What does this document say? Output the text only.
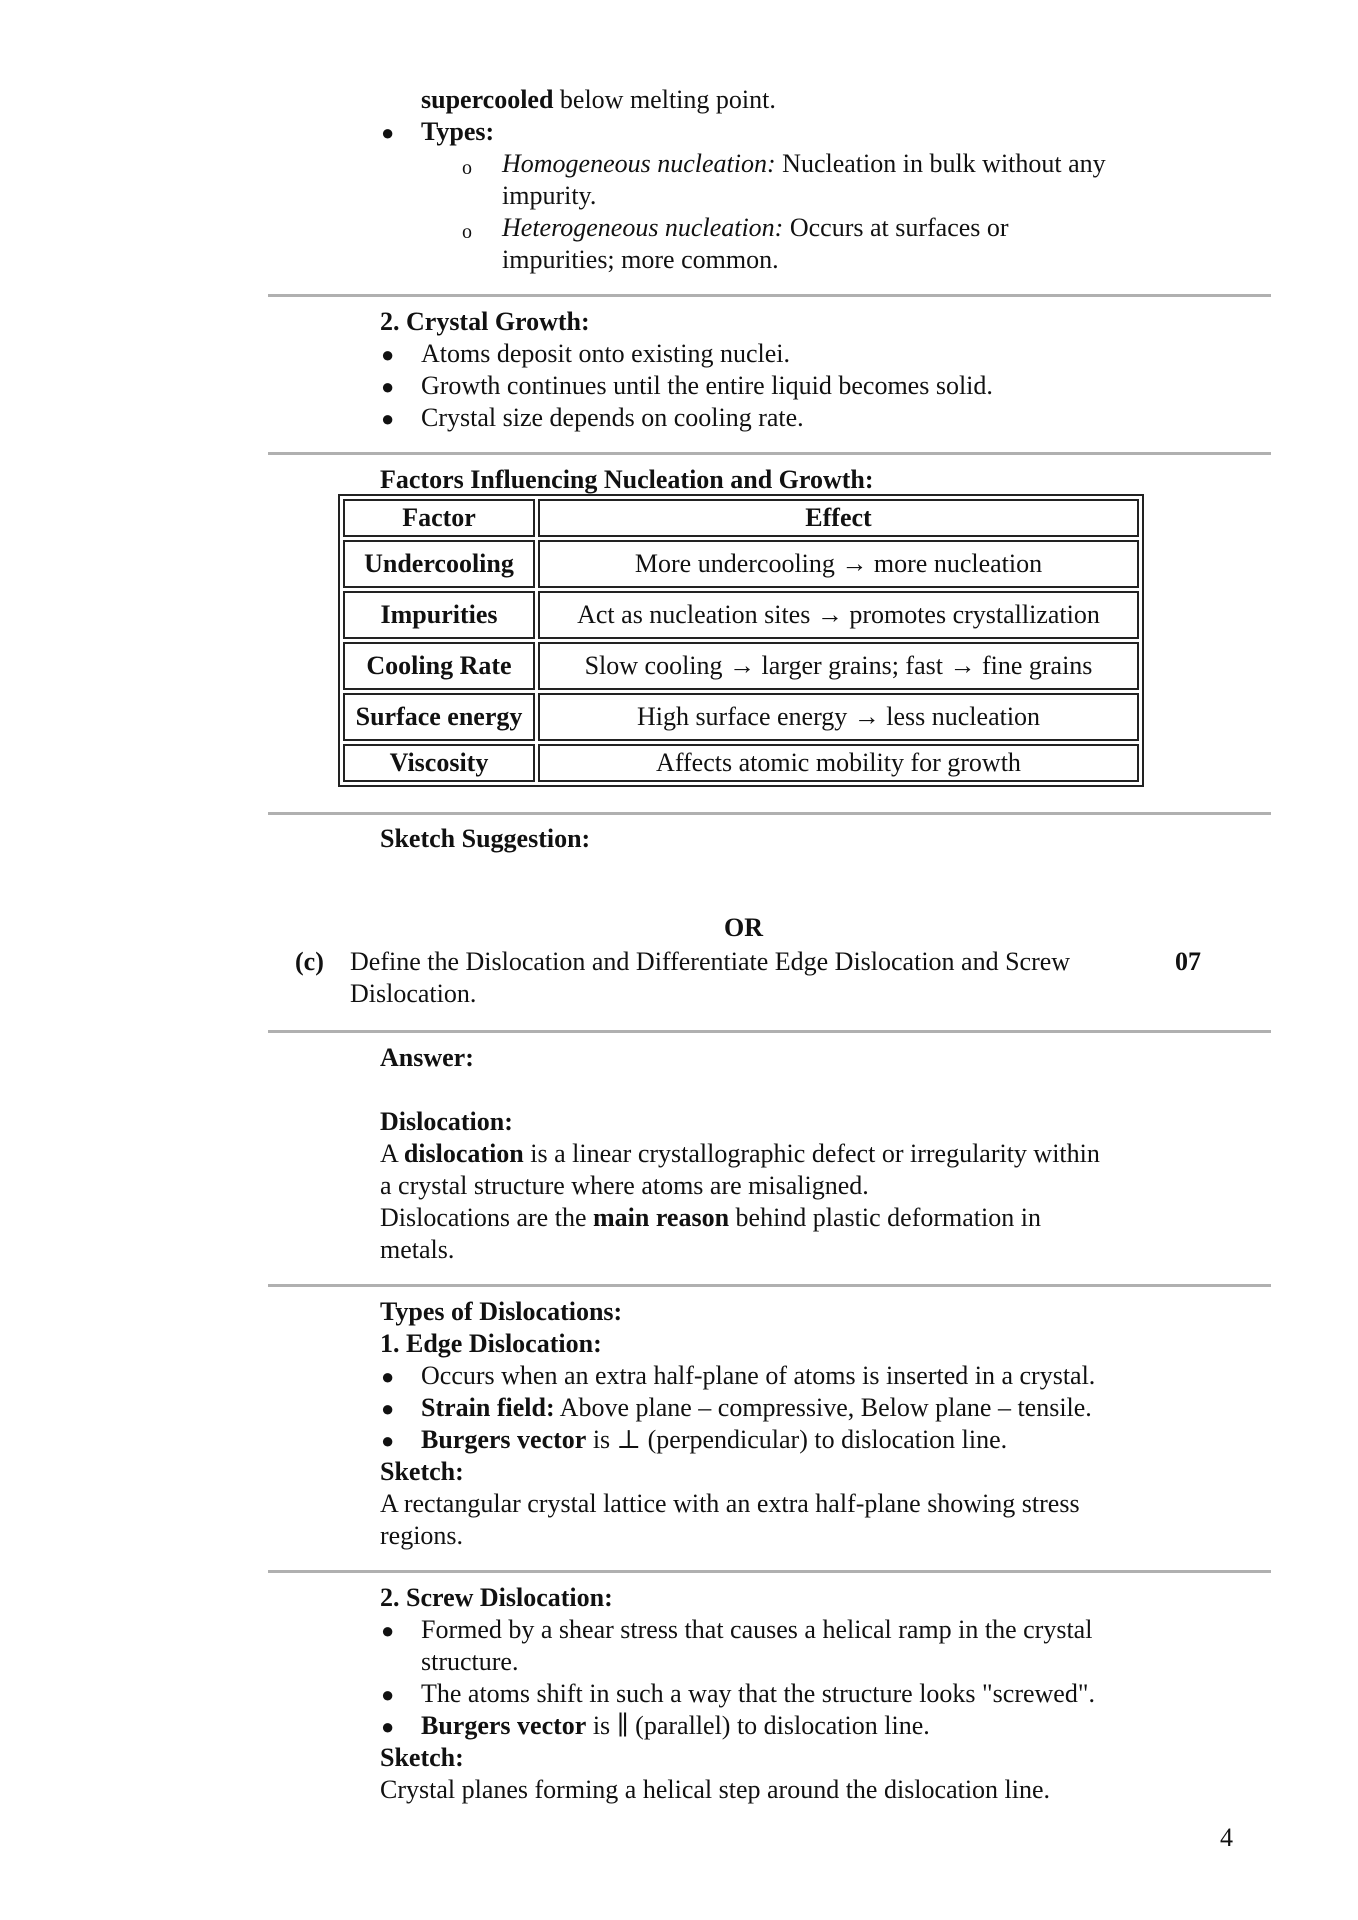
supercooled below melting point.
● Types:
o Homogeneous nucleation: Nucleation in bulk without any
impurity.
o Heterogeneous nucleation: Occurs at surfaces or
impurities; more common.
2. Crystal Growth:
● Atoms deposit onto existing nuclei.
● Growth continues until the entire liquid becomes solid.
● Crystal size depends on cooling rate.
Factors Influencing Nucleation and Growth:
Factor	Effect
Undercooling	More undercooling → more nucleation
Impurities	Act as nucleation sites → promotes crystallization
Cooling Rate	Slow cooling → larger grains; fast → fine grains
Surface energy	High surface energy → less nucleation
Viscosity	Affects atomic mobility for growth
Sketch Suggestion:
OR
(c) Define the Dislocation and Differentiate Edge Dislocation and Screw
Dislocation.
07
Answer:
Dislocation:
A dislocation is a linear crystallographic defect or irregularity within
a crystal structure where atoms are misaligned.
Dislocations are the main reason behind plastic deformation in
metals.
Types of Dislocations:
1. Edge Dislocation:
● Occurs when an extra half-plane of atoms is inserted in a crystal.
● Strain field: Above plane – compressive, Below plane – tensile.
● Burgers vector is ⊥ (perpendicular) to dislocation line.
Sketch:
A rectangular crystal lattice with an extra half-plane showing stress
regions.
2. Screw Dislocation:
● Formed by a shear stress that causes a helical ramp in the crystal
structure.
● The atoms shift in such a way that the structure looks "screwed".
● Burgers vector is ∥ (parallel) to dislocation line.
Sketch:
Crystal planes forming a helical step around the dislocation line.
4
